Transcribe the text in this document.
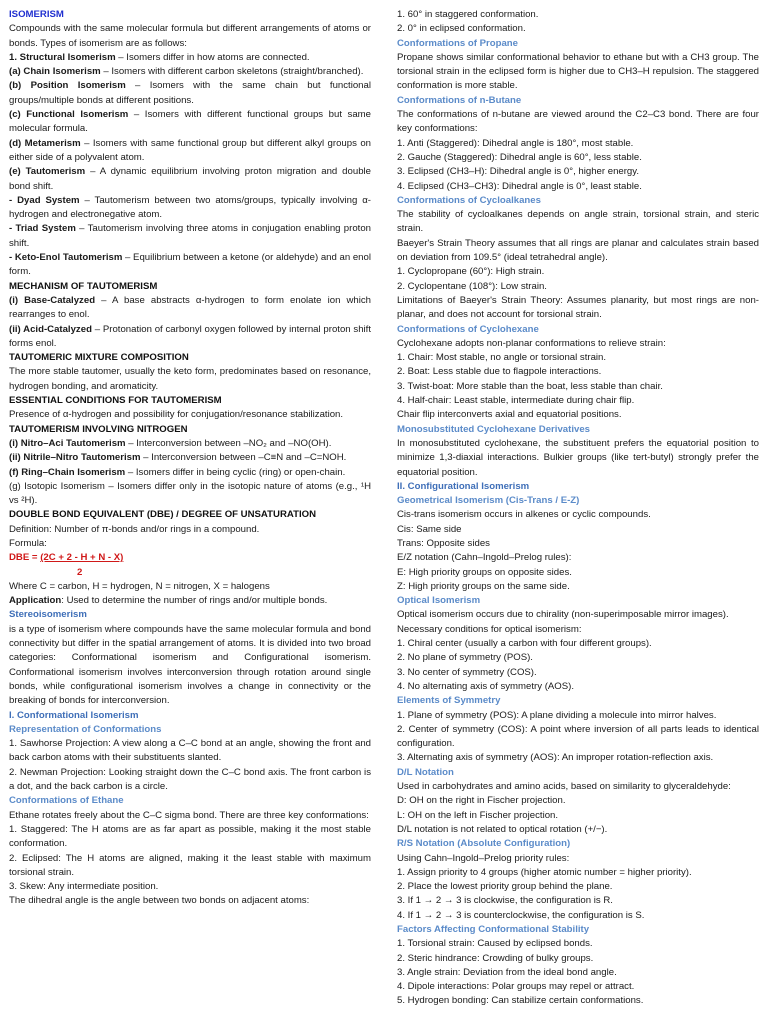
ISOMERISM

Compounds with the same molecular formula but different arrangements of atoms or bonds. Types of isomerism are as follows:

1. Structural Isomerism – Isomers differ in how atoms are connected.

(a) Chain Isomerism – Isomers with different carbon skeletons (straight/branched).

(b) Position Isomerism – Isomers with the same chain but functional groups/multiple bonds at different positions.

(c) Functional Isomerism – Isomers with different functional groups but same molecular formula.

(d) Metamerism – Isomers with same functional group but different alkyl groups on either side of a polyvalent atom.

(e) Tautomerism – A dynamic equilibrium involving proton migration and double bond shift.

- Dyad System – Tautomerism between two atoms/groups, typically involving α-hydrogen and electronegative atom.

- Triad System – Tautomerism involving three atoms in conjugation enabling proton shift.

- Keto-Enol Tautomerism – Equilibrium between a ketone (or aldehyde) and an enol form.

MECHANISM OF TAUTOMERISM

(i) Base-Catalyzed – A base abstracts α-hydrogen to form enolate ion which rearranges to enol.

(ii) Acid-Catalyzed – Protonation of carbonyl oxygen followed by internal proton shift forms enol.

TAUTOMERIC MIXTURE COMPOSITION

The more stable tautomer, usually the keto form, predominates based on resonance, hydrogen bonding, and aromaticity.

ESSENTIAL CONDITIONS FOR TAUTOMERISM

Presence of α-hydrogen and possibility for conjugation/resonance stabilization.

TAUTOMERISM INVOLVING NITROGEN

(i) Nitro–Aci Tautomerism – Interconversion between –NO₂ and –NO(OH).

(ii) Nitrile–Nitro Tautomerism – Interconversion between –C≡N and –C=NOH.

(f) Ring–Chain Isomerism – Isomers differ in being cyclic (ring) or open-chain.

(g) Isotopic Isomerism – Isomers differ only in the isotopic nature of atoms (e.g., ¹H vs ²H).

DOUBLE BOND EQUIVALENT (DBE) / DEGREE OF UNSATURATION

Definition: Number of π-bonds and/or rings in a compound.

Formula:

DBE = (2C + 2 - H + N - X)

2

Where C = carbon, H = hydrogen, N = nitrogen, X = halogens

Application: Used to determine the number of rings and/or multiple bonds.

Stereoisomerism

is a type of isomerism where compounds have the same molecular formula and bond connectivity but differ in the spatial arrangement of atoms. It is divided into two broad categories: Conformational isomerism and Configurational isomerism. Conformational isomerism involves interconversion through rotation around single bonds, while configurational isomerism involves a change in connectivity or the breaking of bonds for interconversion.

I. Conformational Isomerism

Representation of Conformations

1. Sawhorse Projection: A view along a C–C bond at an angle, showing the front and back carbon atoms with their substituents slanted.

2. Newman Projection: Looking straight down the C–C bond axis. The front carbon is a dot, and the back carbon is a circle.

Conformations of Ethane

Ethane rotates freely about the C–C sigma bond. There are three key conformations:

1. Staggered: The H atoms are as far apart as possible, making it the most stable conformation.

2. Eclipsed: The H atoms are aligned, making it the least stable with maximum torsional strain.

3. Skew: Any intermediate position.

The dihedral angle is the angle between two bonds on adjacent atoms:

1. 60° in staggered conformation.

2. 0° in eclipsed conformation.

Conformations of Propane

Propane shows similar conformational behavior to ethane but with a CH3 group. The torsional strain in the eclipsed form is higher due to CH3–H repulsion. The staggered conformation is more stable.

Conformations of n-Butane

The conformations of n-butane are viewed around the C2–C3 bond. There are four key conformations:

1. Anti (Staggered): Dihedral angle is 180°, most stable.

2. Gauche (Staggered): Dihedral angle is 60°, less stable.

3. Eclipsed (CH3–H): Dihedral angle is 0°, higher energy.

4. Eclipsed (CH3–CH3): Dihedral angle is 0°, least stable.

Conformations of Cycloalkanes

The stability of cycloalkanes depends on angle strain, torsional strain, and steric strain.

Baeyer's Strain Theory assumes that all rings are planar and calculates strain based on deviation from 109.5° (ideal tetrahedral angle).

1. Cyclopropane (60°): High strain.

2. Cyclopentane (108°): Low strain.

Limitations of Baeyer's Strain Theory: Assumes planarity, but most rings are non-planar, and does not account for torsional strain.

Conformations of Cyclohexane

Cyclohexane adopts non-planar conformations to relieve strain:

1. Chair: Most stable, no angle or torsional strain.

2. Boat: Less stable due to flagpole interactions.

3. Twist-boat: More stable than the boat, less stable than chair.

4. Half-chair: Least stable, intermediate during chair flip.

Chair flip interconverts axial and equatorial positions.

Monosubstituted Cyclohexane Derivatives

In monosubstituted cyclohexane, the substituent prefers the equatorial position to minimize 1,3-diaxial interactions. Bulkier groups (like tert-butyl) strongly prefer the equatorial position.

II. Configurational Isomerism

Geometrical Isomerism (Cis-Trans / E-Z)

Cis-trans isomerism occurs in alkenes or cyclic compounds.

Cis: Same side

Trans: Opposite sides

E/Z notation (Cahn–Ingold–Prelog rules):

E: High priority groups on opposite sides.

Z: High priority groups on the same side.

Optical Isomerism

Optical isomerism occurs due to chirality (non-superimposable mirror images).

Necessary conditions for optical isomerism:

1. Chiral center (usually a carbon with four different groups).

2. No plane of symmetry (POS).

3. No center of symmetry (COS).

4. No alternating axis of symmetry (AOS).

Elements of Symmetry

1. Plane of symmetry (POS): A plane dividing a molecule into mirror halves.

2. Center of symmetry (COS): A point where inversion of all parts leads to identical configuration.

3. Alternating axis of symmetry (AOS): An improper rotation-reflection axis.

D/L Notation

Used in carbohydrates and amino acids, based on similarity to glyceraldehyde:

D: OH on the right in Fischer projection.

L: OH on the left in Fischer projection.

D/L notation is not related to optical rotation (+/−).

R/S Notation (Absolute Configuration)

Using Cahn–Ingold–Prelog priority rules:

1. Assign priority to 4 groups (higher atomic number = higher priority).

2. Place the lowest priority group behind the plane.

3. If 1 → 2 → 3 is clockwise, the configuration is R.

4. If 1 → 2 → 3 is counterclockwise, the configuration is S.

Factors Affecting Conformational Stability

1. Torsional strain: Caused by eclipsed bonds.

2. Steric hindrance: Crowding of bulky groups.

3. Angle strain: Deviation from the ideal bond angle.

4. Dipole interactions: Polar groups may repel or attract.

5. Hydrogen bonding: Can stabilize certain conformations.
